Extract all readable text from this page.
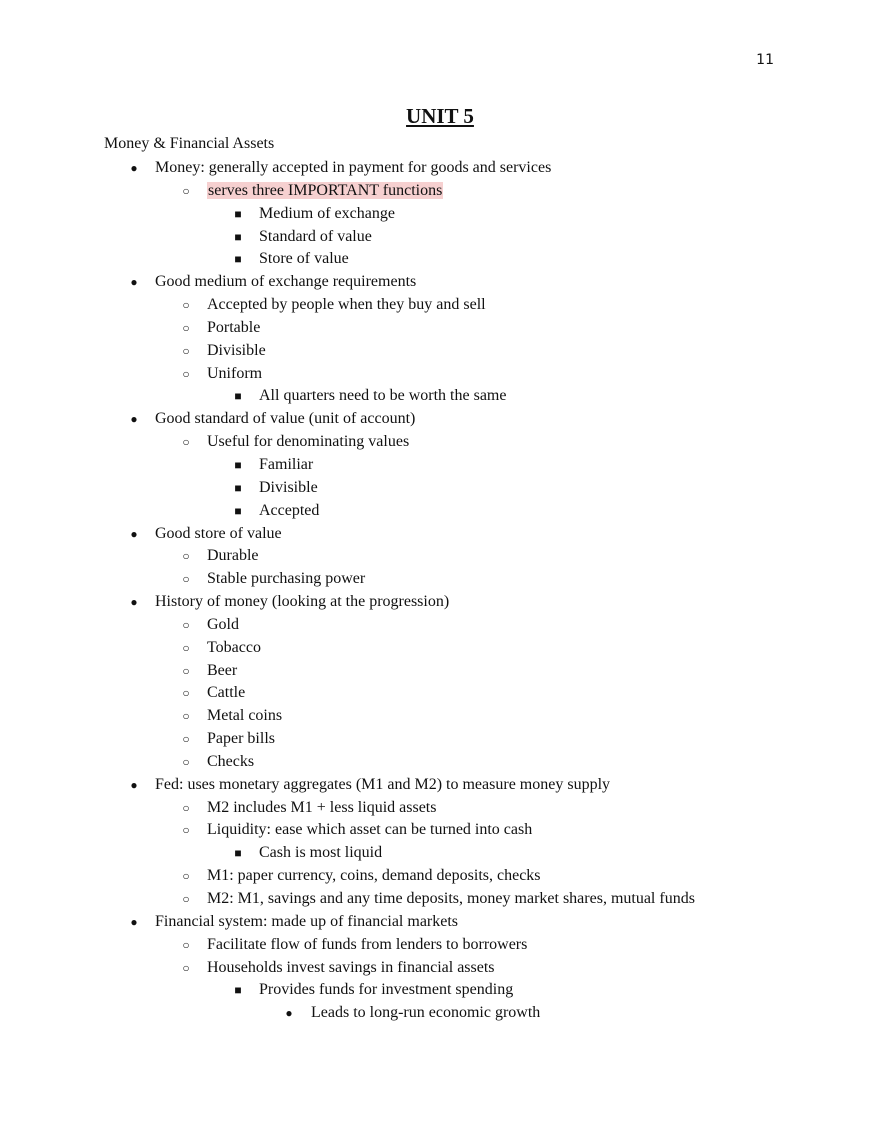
11
UNIT 5
Money & Financial Assets
● Money: generally accepted in payment for goods and services
○ serves three IMPORTANT functions
■ Medium of exchange
■ Standard of value
■ Store of value
● Good medium of exchange requirements
○ Accepted by people when they buy and sell
○ Portable
○ Divisible
○ Uniform
■ All quarters need to be worth the same
● Good standard of value (unit of account)
○ Useful for denominating values
■ Familiar
■ Divisible
■ Accepted
● Good store of value
○ Durable
○ Stable purchasing power
● History of money (looking at the progression)
○ Gold
○ Tobacco
○ Beer
○ Cattle
○ Metal coins
○ Paper bills
○ Checks
● Fed: uses monetary aggregates (M1 and M2) to measure money supply
○ M2 includes M1 + less liquid assets
○ Liquidity: ease which asset can be turned into cash
■ Cash is most liquid
○ M1: paper currency, coins, demand deposits, checks
○ M2: M1, savings and any time deposits, money market shares, mutual funds
● Financial system: made up of financial markets
○ Facilitate flow of funds from lenders to borrowers
○ Households invest savings in financial assets
■ Provides funds for investment spending
● Leads to long-run economic growth
